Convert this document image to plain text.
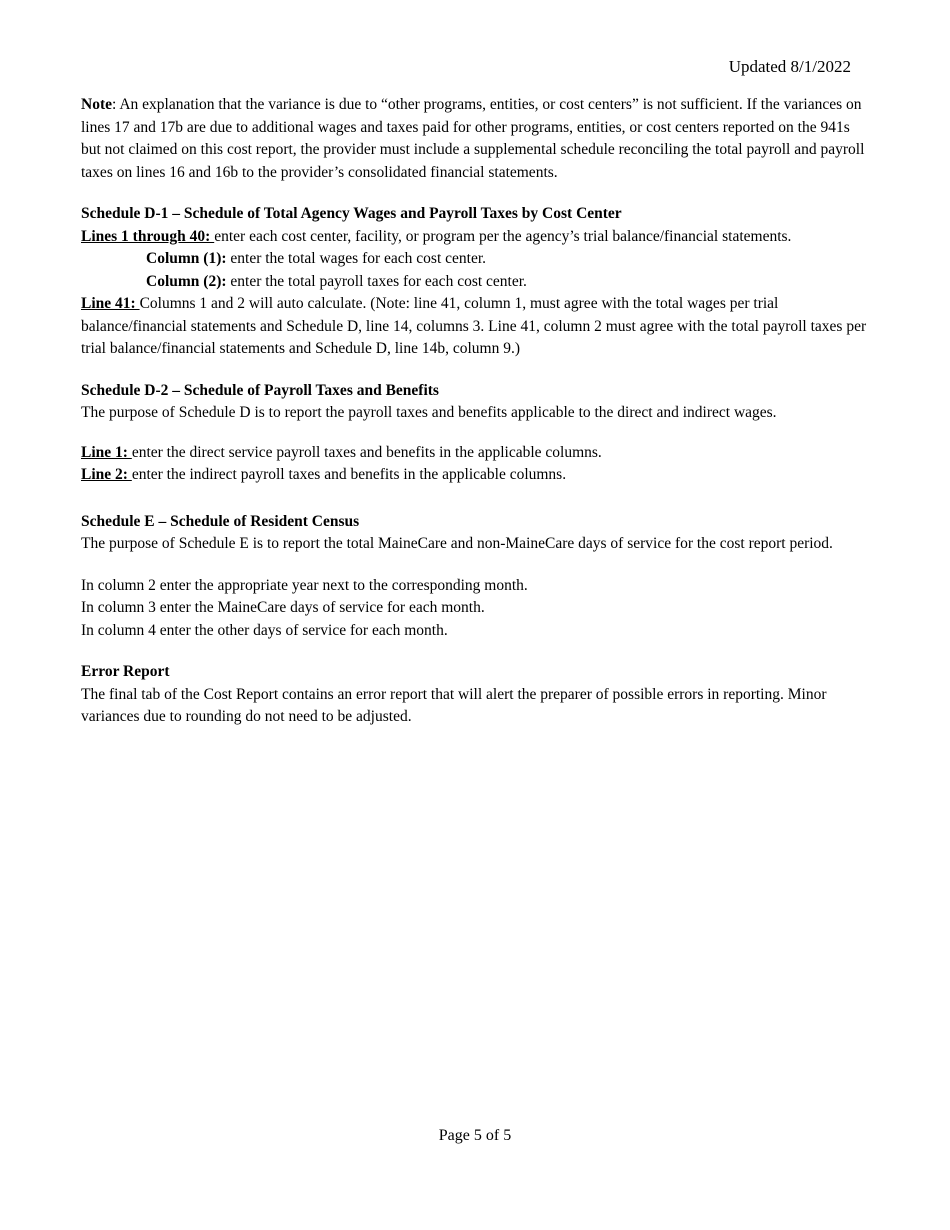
Updated 8/1/2022

Note: An explanation that the variance is due to “other programs, entities, or cost centers” is not sufficient. If the variances on lines 17 and 17b are due to additional wages and taxes paid for other programs, entities, or cost centers reported on the 941s but not claimed on this cost report, the provider must include a supplemental schedule reconciling the total payroll and payroll taxes on lines 16 and 16b to the provider’s consolidated financial statements.

Schedule D-1 – Schedule of Total Agency Wages and Payroll Taxes by Cost Center

Lines 1 through 40: enter each cost center, facility, or program per the agency’s trial balance/financial statements.

Column (1): enter the total wages for each cost center.

Column (2): enter the total payroll taxes for each cost center.

Line 41: Columns 1 and 2 will auto calculate. (Note: line 41, column 1, must agree with the total wages per trial balance/financial statements and Schedule D, line 14, columns 3. Line 41, column 2 must agree with the total payroll taxes per trial balance/financial statements and Schedule D, line 14b, column 9.)

Schedule D-2 – Schedule of Payroll Taxes and Benefits

The purpose of Schedule D is to report the payroll taxes and benefits applicable to the direct and indirect wages.

Line 1: enter the direct service payroll taxes and benefits in the applicable columns.

Line 2: enter the indirect payroll taxes and benefits in the applicable columns.

Schedule E – Schedule of Resident Census

The purpose of Schedule E is to report the total MaineCare and non-MaineCare days of service for the cost report period.

In column 2 enter the appropriate year next to the corresponding month.

In column 3 enter the MaineCare days of service for each month.

In column 4 enter the other days of service for each month.

Error Report

The final tab of the Cost Report contains an error report that will alert the preparer of possible errors in reporting. Minor variances due to rounding do not need to be adjusted.

Page 5 of 5
